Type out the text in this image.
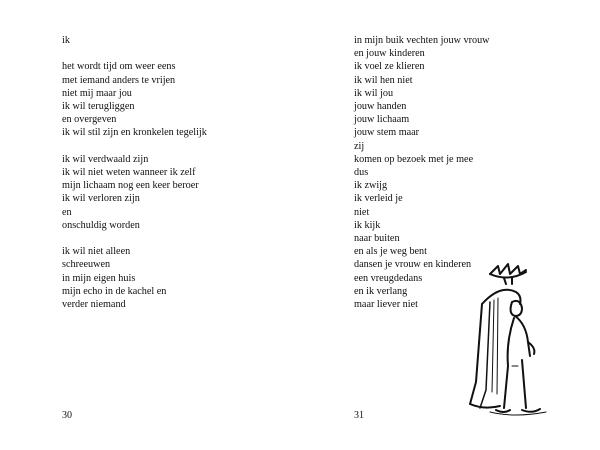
ik
het wordt tijd om weer eens
met iemand anders te vrijen
niet mij maar jou
ik wil terugliggen
en overgeven
ik wil stil zijn en kronkelen tegelijk
ik wil verdwaald zijn
ik wil niet weten wanneer ik zelf
mijn lichaam nog een keer beroer
ik wil verloren zijn
en
onschuldig worden
ik wil niet alleen
schreeuwen
in mijn eigen huis
mijn echo in de kachel en
verder niemand
30
in mijn buik vechten jouw vrouw
en jouw kinderen
ik voel ze klieren
ik wil hen niet
ik wil jou
jouw handen
jouw lichaam
jouw stem maar
zij
komen op bezoek met je mee
dus
ik zwijg
ik verleid je
niet
ik kijk
naar buiten
en als je weg bent
dansen je vrouw en kinderen
een vreugdedans
en ik verlang
maar liever niet
31
